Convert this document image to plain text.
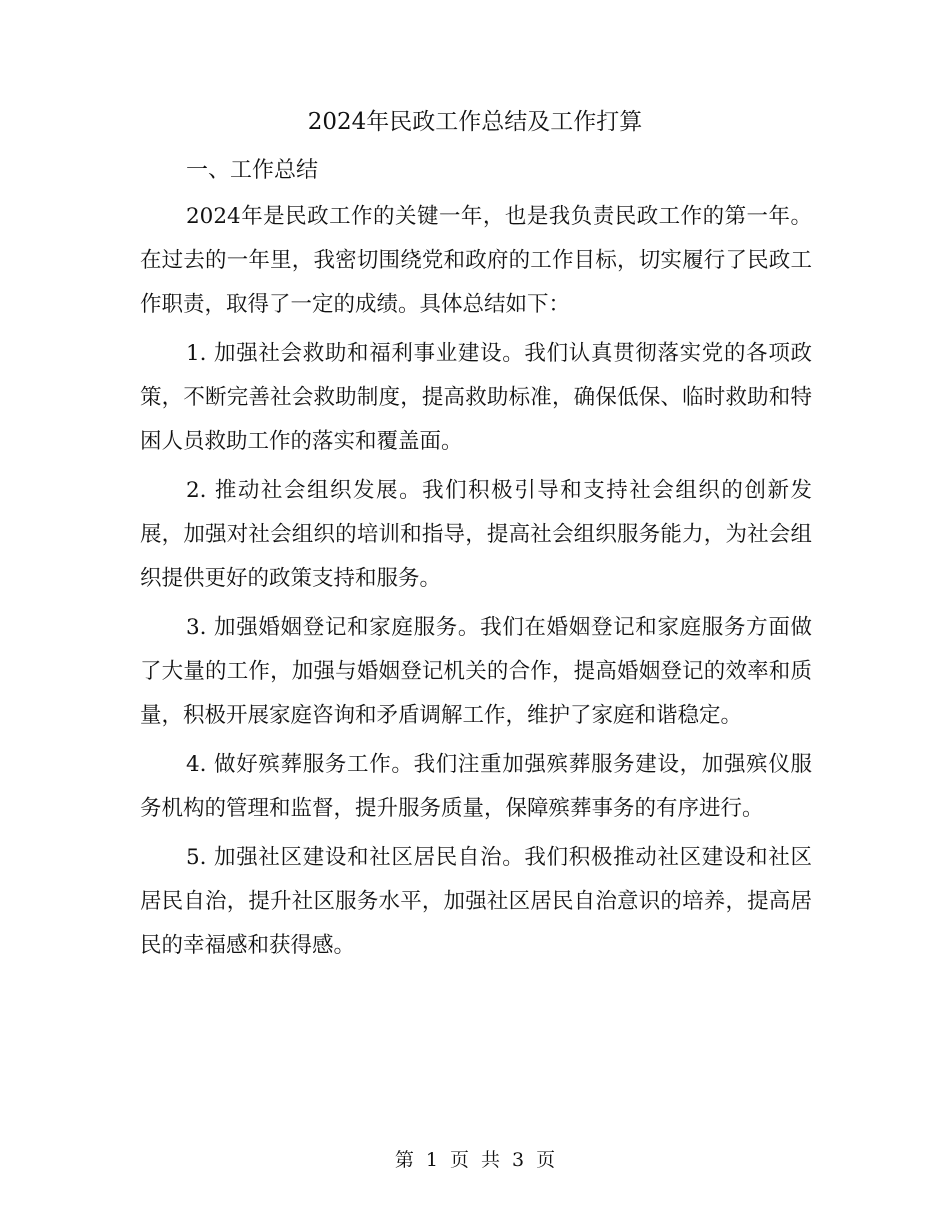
2024年民政工作总结及工作打算
一、工作总结

2024年是民政工作的关键一年，也是我负责民政工作的第一年。在过去的一年里，我密切围绕党和政府的工作目标，切实履行了民政工作职责，取得了一定的成绩。具体总结如下：

1. 加强社会救助和福利事业建设。我们认真贯彻落实党的各项政策，不断完善社会救助制度，提高救助标准，确保低保、临时救助和特困人员救助工作的落实和覆盖面。

2. 推动社会组织发展。我们积极引导和支持社会组织的创新发展，加强对社会组织的培训和指导，提高社会组织服务能力，为社会组织提供更好的政策支持和服务。

3. 加强婚姻登记和家庭服务。我们在婚姻登记和家庭服务方面做了大量的工作，加强与婚姻登记机关的合作，提高婚姻登记的效率和质量，积极开展家庭咨询和矛盾调解工作，维护了家庭和谐稳定。

4. 做好殡葬服务工作。我们注重加强殡葬服务建设，加强殡仪服务机构的管理和监督，提升服务质量，保障殡葬事务的有序进行。

5. 加强社区建设和社区居民自治。我们积极推动社区建设和社区居民自治，提升社区服务水平，加强社区居民自治意识的培养，提高居民的幸福感和获得感。

第 1 页 共 3 页
